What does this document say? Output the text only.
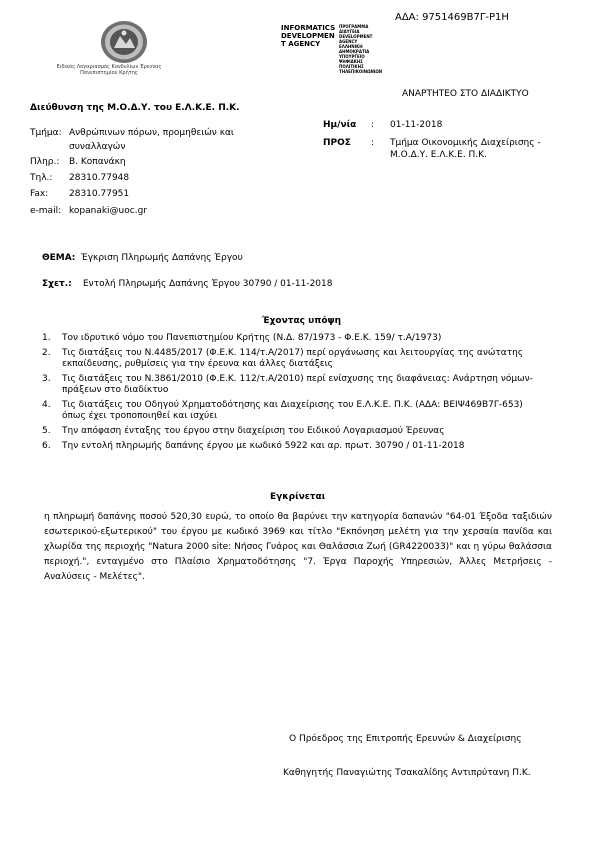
ΑΔΑ: 9751469Β7Γ-Ρ1Η
Ειδικός Λογαριασμός Κονδυλίων Έρευνας Πανεπιστημίου Κρήτης
INFORMATICS
DEVELOPMEN
T AGENCY
ΠΡΟΓΡΑΜΜΑ
ΔΙΑΥΓΕΙΑ
DEVELOPMENT AGENCY
ΕΛΛΗΝΙΚΗ ΔΗΜΟΚΡΑΤΙΑ
ΥΠΟΥΡΓΕΙΟ
ΨΗΦΙΑΚΗΣ
ΠΟΛΙΤΙΚΗΣ
ΤΗΛΕΠΙΚΟΙΝΩΝΙΩΝ
ΑΝΑΡΤΗΤΕΟ ΣΤΟ ΔΙΑΔΙΚΤΥΟ
Διεύθυνση της Μ.Ο.Δ.Υ. του Ε.Λ.Κ.Ε. Π.Κ.
Τμήμα: Ανθρώπινων πόρων, προμηθειών και
συναλλαγών
Πληρ.: Β. Κοπανάκη
Τηλ.: 28310.77948
Fax: 28310.77951
e-mail: kopanaki@uoc.gr
Ημ/νία : 01-11-2018
ΠΡΟΣ : Τμήμα Οικονομικής Διαχείρισης -
Μ.Ο.Δ.Υ. Ε.Λ.Κ.Ε. Π.Κ.
ΘΕΜΑ: Έγκριση Πληρωμής Δαπάνης Έργου
Σχετ.: Εντολή Πληρωμής Δαπάνης Έργου 30790 / 01-11-2018
Έχοντας υπόψη
1. Τον ιδρυτικό νόμο του Πανεπιστημίου Κρήτης (Ν.Δ. 87/1973 - Φ.Ε.Κ. 159/ τ.Α/1973)
2. Τις διατάξεις του Ν.4485/2017 (Φ.Ε.Κ. 114/τ.Α/2017) περί οργάνωσης και λειτουργίας της ανώτατης εκπαίδευσης, ρυθμίσεις για την έρευνα και άλλες διατάξεις
3. Τις διατάξεις του Ν.3861/2010 (Φ.Ε.Κ. 112/τ.Α/2010) περί ενίσχυσης της διαφάνειας: Ανάρτηση νόμων-πράξεων στο διαδίκτυο
4. Τις διατάξεις του Οδηγού Χρηματοδότησης και Διαχείρισης του Ε.Λ.Κ.Ε. Π.Κ. (ΑΔΑ: ΒΕΙΨ469Β7Γ-653) όπως έχει τροποποιηθεί και ισχύει
5. Την απόφαση ένταξης του έργου στην διαχείριση του Ειδικού Λογαριασμού Έρευνας
6. Την εντολή πληρωμής δαπάνης έργου με κωδικό 5922 και αρ. πρωτ. 30790 / 01-11-2018
Εγκρίνεται
η πληρωμή δαπάνης ποσού 520,30 ευρώ, το οποίο θα βαρύνει την κατηγορία δαπανών "64-01 Έξοδα ταξιδιών εσωτερικού-εξωτερικού" του έργου με κωδικό 3969 και τίτλο "Εκπόνηση μελέτη για την χερσαία πανίδα και χλωρίδα της περιοχής "Natura 2000 site: Νήσος Γυάρος και Θαλάσσια Ζωή (GR4220033)" και η γύρω θαλάσσια περιοχή.", ενταγμένο στο Πλαίσιο Χρηματοδότησης "7. Έργα Παροχής Υπηρεσιών, Άλλες Μετρήσεις - Αναλύσεις - Μελέτες".
Ο Πρόεδρος της Επιτροπής Ερευνών & Διαχείρισης
Καθηγητής Παναγιώτης Τσακαλίδης Αντιπρύτανη Π.Κ.
